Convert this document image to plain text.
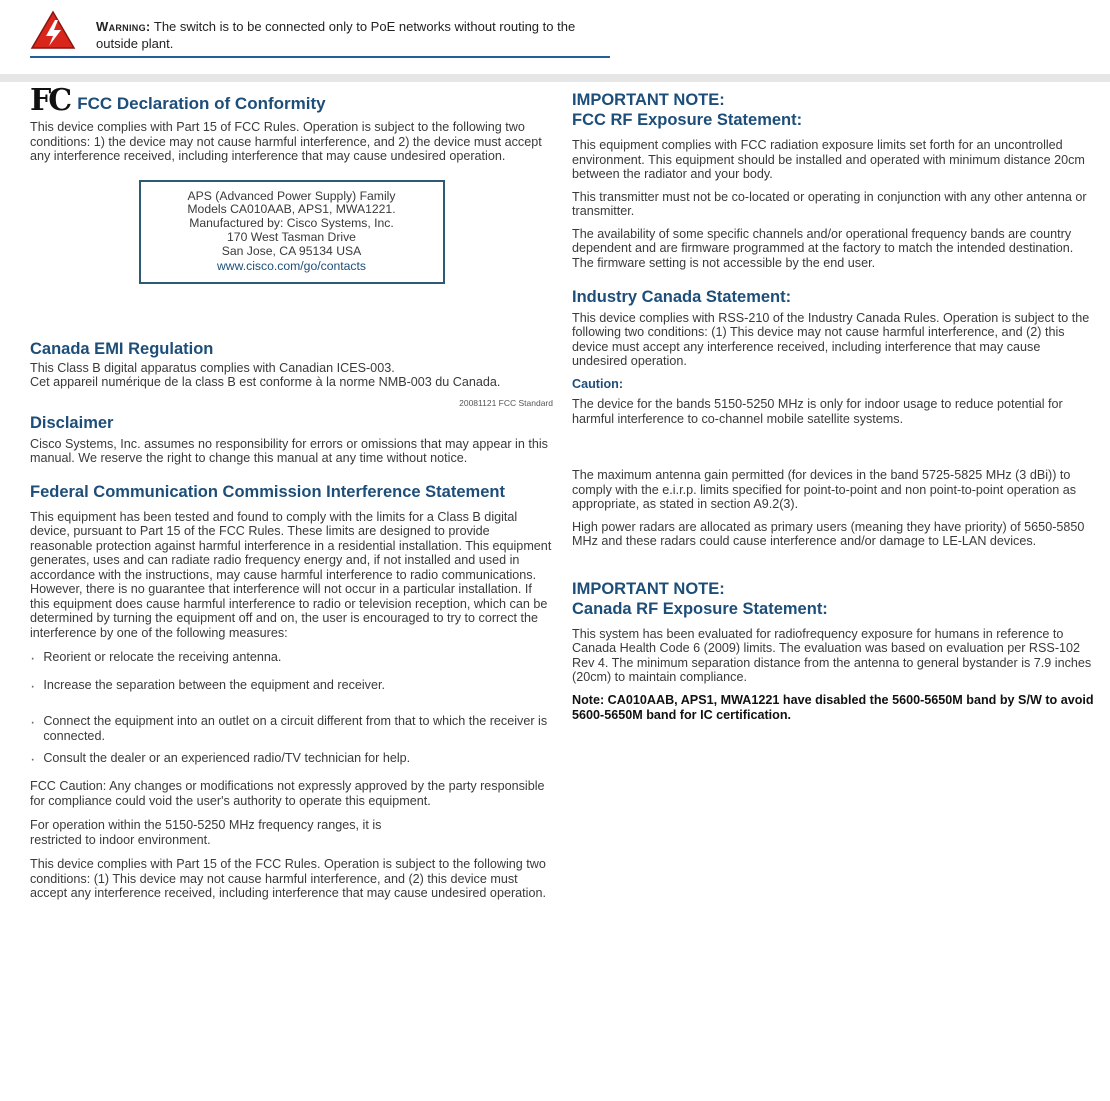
Warning: The switch is to be connected only to PoE networks without routing to the outside plant.
FC FCC Declaration of Conformity

This device complies with Part 15 of FCC Rules. Operation is subject to the following two conditions: 1) the device may not cause harmful interference, and 2) the device must accept any interference received, including interference that may cause undesired operation.

APS (Advanced Power Supply) Family

Models CA010AAB, APS1, MWA1221.

Manufactured by: Cisco Systems, Inc.

170 West Tasman Drive

San Jose, CA 95134 USA

www.cisco.com/go/contacts

Canada EMI Regulation

This Class B digital apparatus complies with Canadian ICES-003.

Cet appareil numérique de la class B est conforme à la norme NMB-003 du Canada.

20081121 FCC Standard

Disclaimer

Cisco Systems, Inc. assumes no responsibility for errors or omissions that may appear in this manual. We reserve the right to change this manual at any time without notice.

Federal Communication Commission Interference Statement

This equipment has been tested and found to comply with the limits for a Class B digital device, pursuant to Part 15 of the FCC Rules. These limits are designed to provide reasonable protection against harmful interference in a residential installation. This equipment generates, uses and can radiate radio frequency energy and, if not installed and used in accordance with the instructions, may cause harmful interference to radio communications. However, there is no guarantee that interference will not occur in a particular installation. If this equipment does cause harmful interference to radio or television reception, which can be determined by turning the equipment off and on, the user is encouraged to try to correct the interference by one of the following measures:

· Reorient or relocate the receiving antenna.

· Increase the separation between the equipment and receiver.

· Connect the equipment into an outlet on a circuit different from that to which the receiver is connected.

· Consult the dealer or an experienced radio/TV technician for help.

FCC Caution: Any changes or modifications not expressly approved by the party responsible for compliance could void the user's authority to operate this equipment.

For operation within the 5150-5250 MHz frequency ranges, it is restricted to indoor environment.

This device complies with Part 15 of the FCC Rules. Operation is subject to the following two conditions: (1) This device may not cause harmful interference, and (2) this device must accept any interference received, including interference that may cause undesired operation.

IMPORTANT NOTE:

FCC RF Exposure Statement:

This equipment complies with FCC radiation exposure limits set forth for an uncontrolled environment. This equipment should be installed and operated with minimum distance 20cm between the radiator and your body.

This transmitter must not be co-located or operating in conjunction with any other antenna or transmitter.

The availability of some specific channels and/or operational frequency bands are country dependent and are firmware programmed at the factory to match the intended destination. The firmware setting is not accessible by the end user.

Industry Canada Statement:

This device complies with RSS-210 of the Industry Canada Rules. Operation is subject to the following two conditions: (1) This device may not cause harmful interference, and (2) this device must accept any interference received, including interference that may cause undesired operation.

Caution:

The device for the bands 5150-5250 MHz is only for indoor usage to reduce potential for harmful interference to co-channel mobile satellite systems.

The maximum antenna gain permitted (for devices in the band 5725-5825 MHz (3 dBi)) to comply with the e.i.r.p. limits specified for point-to-point and non point-to-point operation as appropriate, as stated in section A9.2(3).

High power radars are allocated as primary users (meaning they have priority) of 5650-5850 MHz and these radars could cause interference and/or damage to LE-LAN devices.

IMPORTANT NOTE:

Canada RF Exposure Statement:

This system has been evaluated for radiofrequency exposure for humans in reference to Canada Health Code 6 (2009) limits. The evaluation was based on evaluation per RSS-102 Rev 4. The minimum separation distance from the antenna to general bystander is 7.9 inches (20cm) to maintain compliance.

Note: CA010AAB, APS1, MWA1221 have disabled the 5600-5650M band by S/W to avoid 5600-5650M band for IC certification.
